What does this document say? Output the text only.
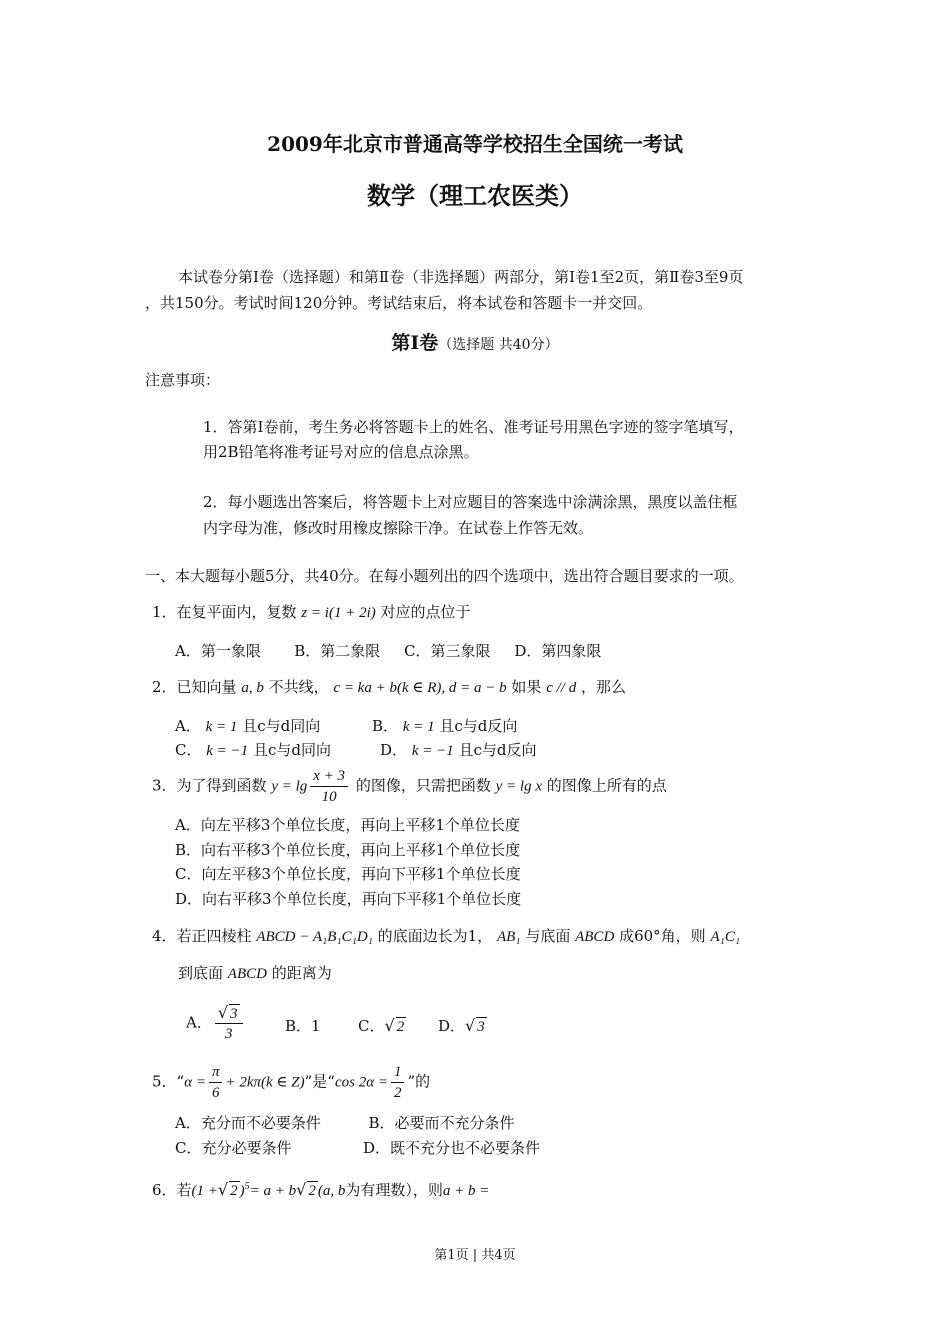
2009年北京市普通高等学校招生全国统一考试
数学（理工农医类）
本试卷分第Ⅰ卷（选择题）和第Ⅱ卷（非选择题）两部分，第Ⅰ卷1至2页，第Ⅱ卷3至9页
，共150分。考试时间120分钟。考试结束后，将本试卷和答题卡一并交回。
第Ⅰ卷（选择题 共40分）
注意事项：
1．答第Ⅰ卷前，考生务必将答题卡上的姓名、准考证号用黑色字迹的签字笔填写，
用2B铅笔将准考证号对应的信息点涂黑。
2．每小题选出答案后，将答题卡上对应题目的答案选中涂满涂黑，黑度以盖住框
内字母为准，修改时用橡皮擦除干净。在试卷上作答无效。
一、本大题每小题5分，共40分。在每小题列出的四个选项中，选出符合题目要求的一项。
1．在复平面内，复数 z = i(1 + 2i) 对应的点位于
A．第一象限       B．第二象限     C．第三象限     D．第四象限
2．已知向量 a, b 不共线， c = ka + b(k ∈ R), d = a − b 如果 c // d ，那么
A． k = 1 且c与d同向	B． k = 1 且c与d反向
C． k = −1 且c与d同向	D． k = −1 且c与d反向
3．为了得到函数 $y = \lg \frac{x + 3}{10}$ 的图像，只需把函数 y = lg x 的图像上所有的点
A．向左平移3个单位长度，再向上平移1个单位长度
B．向右平移3个单位长度，再向上平移1个单位长度
C．向左平移3个单位长度，再向下平移1个单位长度
D．向右平移3个单位长度，再向下平移1个单位长度
4．若正四棱柱 ABCD − A₁B₁C₁D₁ 的底面边长为1， AB₁ 与底面 ABCD 成60°角，则 A₁C₁
到底面 ABCD 的距离为
A． $\frac{√ 3}{3}$	B．1 C．√ 2 D．√ 3
5．“$\alpha = \frac{\pi}{6} + 2k\pi(k$ ∈ Z)”是“cos $2\alpha = \frac{1}{2}$ ”的
A．充分而不必要条件          B．必要而不充分条件
C．充分必要条件               D．既不充分也不必要条件
6．若(1 +√ 2 )$^5$= a + b√ 2 (a, b为有理数），则a + b =
第1页 | 共4页
